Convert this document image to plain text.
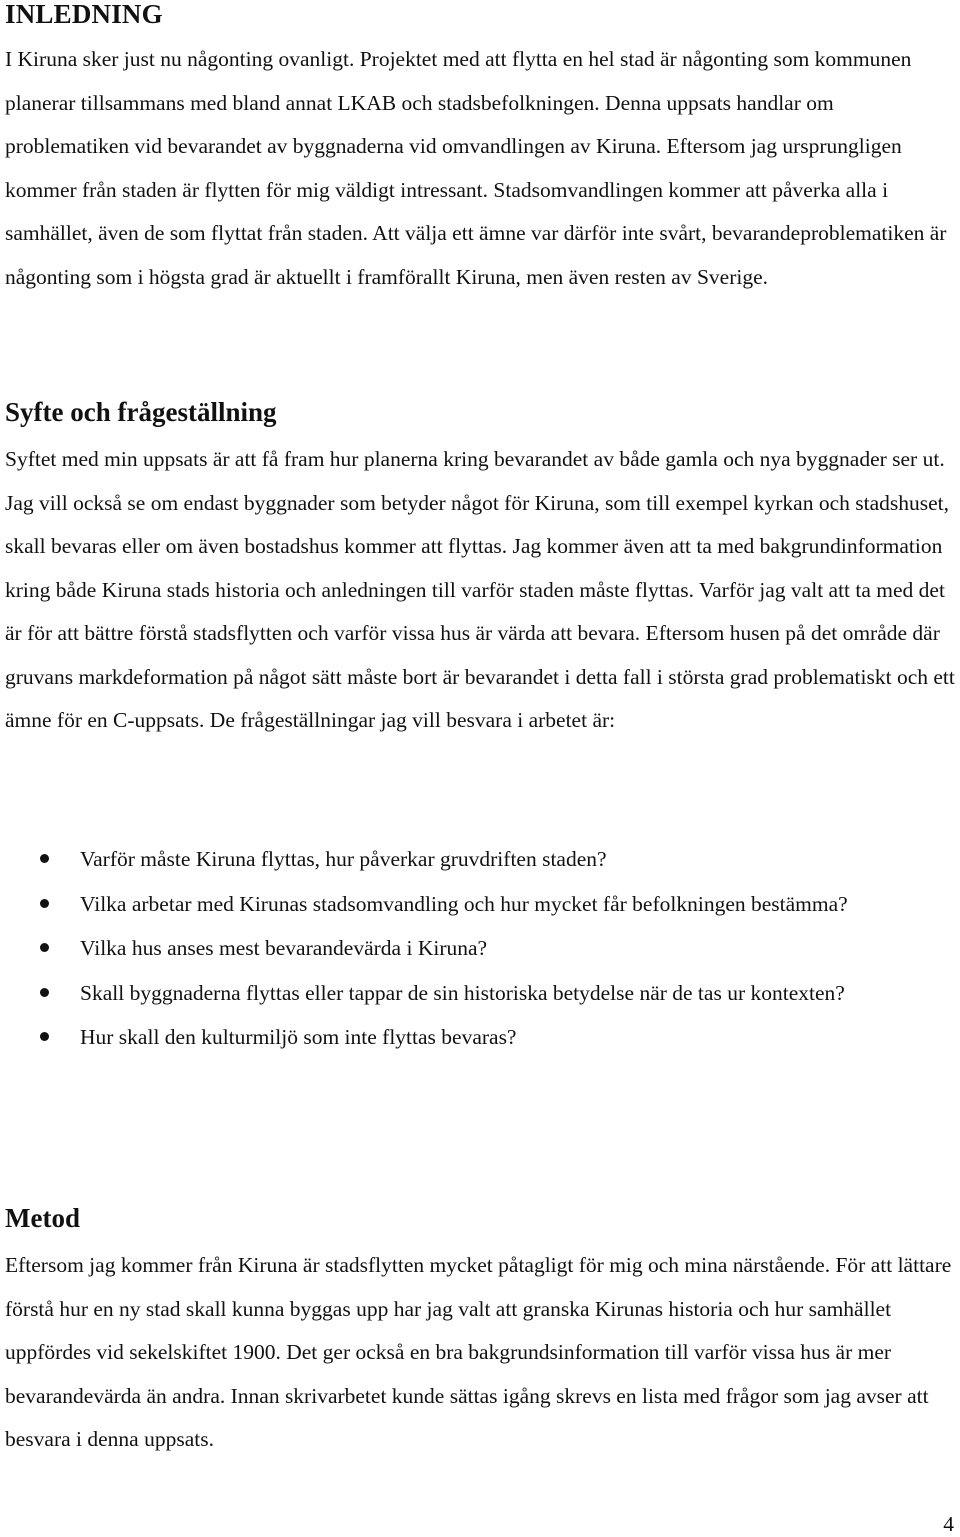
INLEDNING

I Kiruna sker just nu någonting ovanligt. Projektet med att flytta en hel stad är någonting som kommunen planerar tillsammans med bland annat LKAB och stadsbefolkningen. Denna uppsats handlar om problematiken vid bevarandet av byggnaderna vid omvandlingen av Kiruna. Eftersom jag ursprungligen kommer från staden är flytten för mig väldigt intressant. Stadsomvandlingen kommer att påverka alla i samhället, även de som flyttat från staden. Att välja ett ämne var därför inte svårt, bevarandeproblematiken är någonting som i högsta grad är aktuellt i framförallt Kiruna, men även resten av Sverige.

Syfte och frågeställning

Syftet med min uppsats är att få fram hur planerna kring bevarandet av både gamla och nya byggnader ser ut. Jag vill också se om endast byggnader som betyder något för Kiruna, som till exempel kyrkan och stadshuset, skall bevaras eller om även bostadshus kommer att flyttas. Jag kommer även att ta med bakgrundinformation kring både Kiruna stads historia och anledningen till varför staden måste flyttas. Varför jag valt att ta med det är för att bättre förstå stadsflytten och varför vissa hus är värda att bevara. Eftersom husen på det område där gruvans markdeformation på något sätt måste bort är bevarandet i detta fall i största grad problematiskt och ett ämne för en C-uppsats. De frågeställningar jag vill besvara i arbetet är:

Varför måste Kiruna flyttas, hur påverkar gruvdriften staden?
Vilka arbetar med Kirunas stadsomvandling och hur mycket får befolkningen bestämma?
Vilka hus anses mest bevarandevärda i Kiruna?
Skall byggnaderna flyttas eller tappar de sin historiska betydelse när de tas ur kontexten?
Hur skall den kulturmiljö som inte flyttas bevaras?
Metod

Eftersom jag kommer från Kiruna är stadsflytten mycket påtagligt för mig och mina närstående. För att lättare förstå hur en ny stad skall kunna byggas upp har jag valt att granska Kirunas historia och hur samhället uppfördes vid sekelskiftet 1900. Det ger också en bra bakgrundsinformation till varför vissa hus är mer bevarandevärda än andra. Innan skrivarbetet kunde sättas igång skrevs en lista med frågor som jag avser att besvara i denna uppsats.

4
